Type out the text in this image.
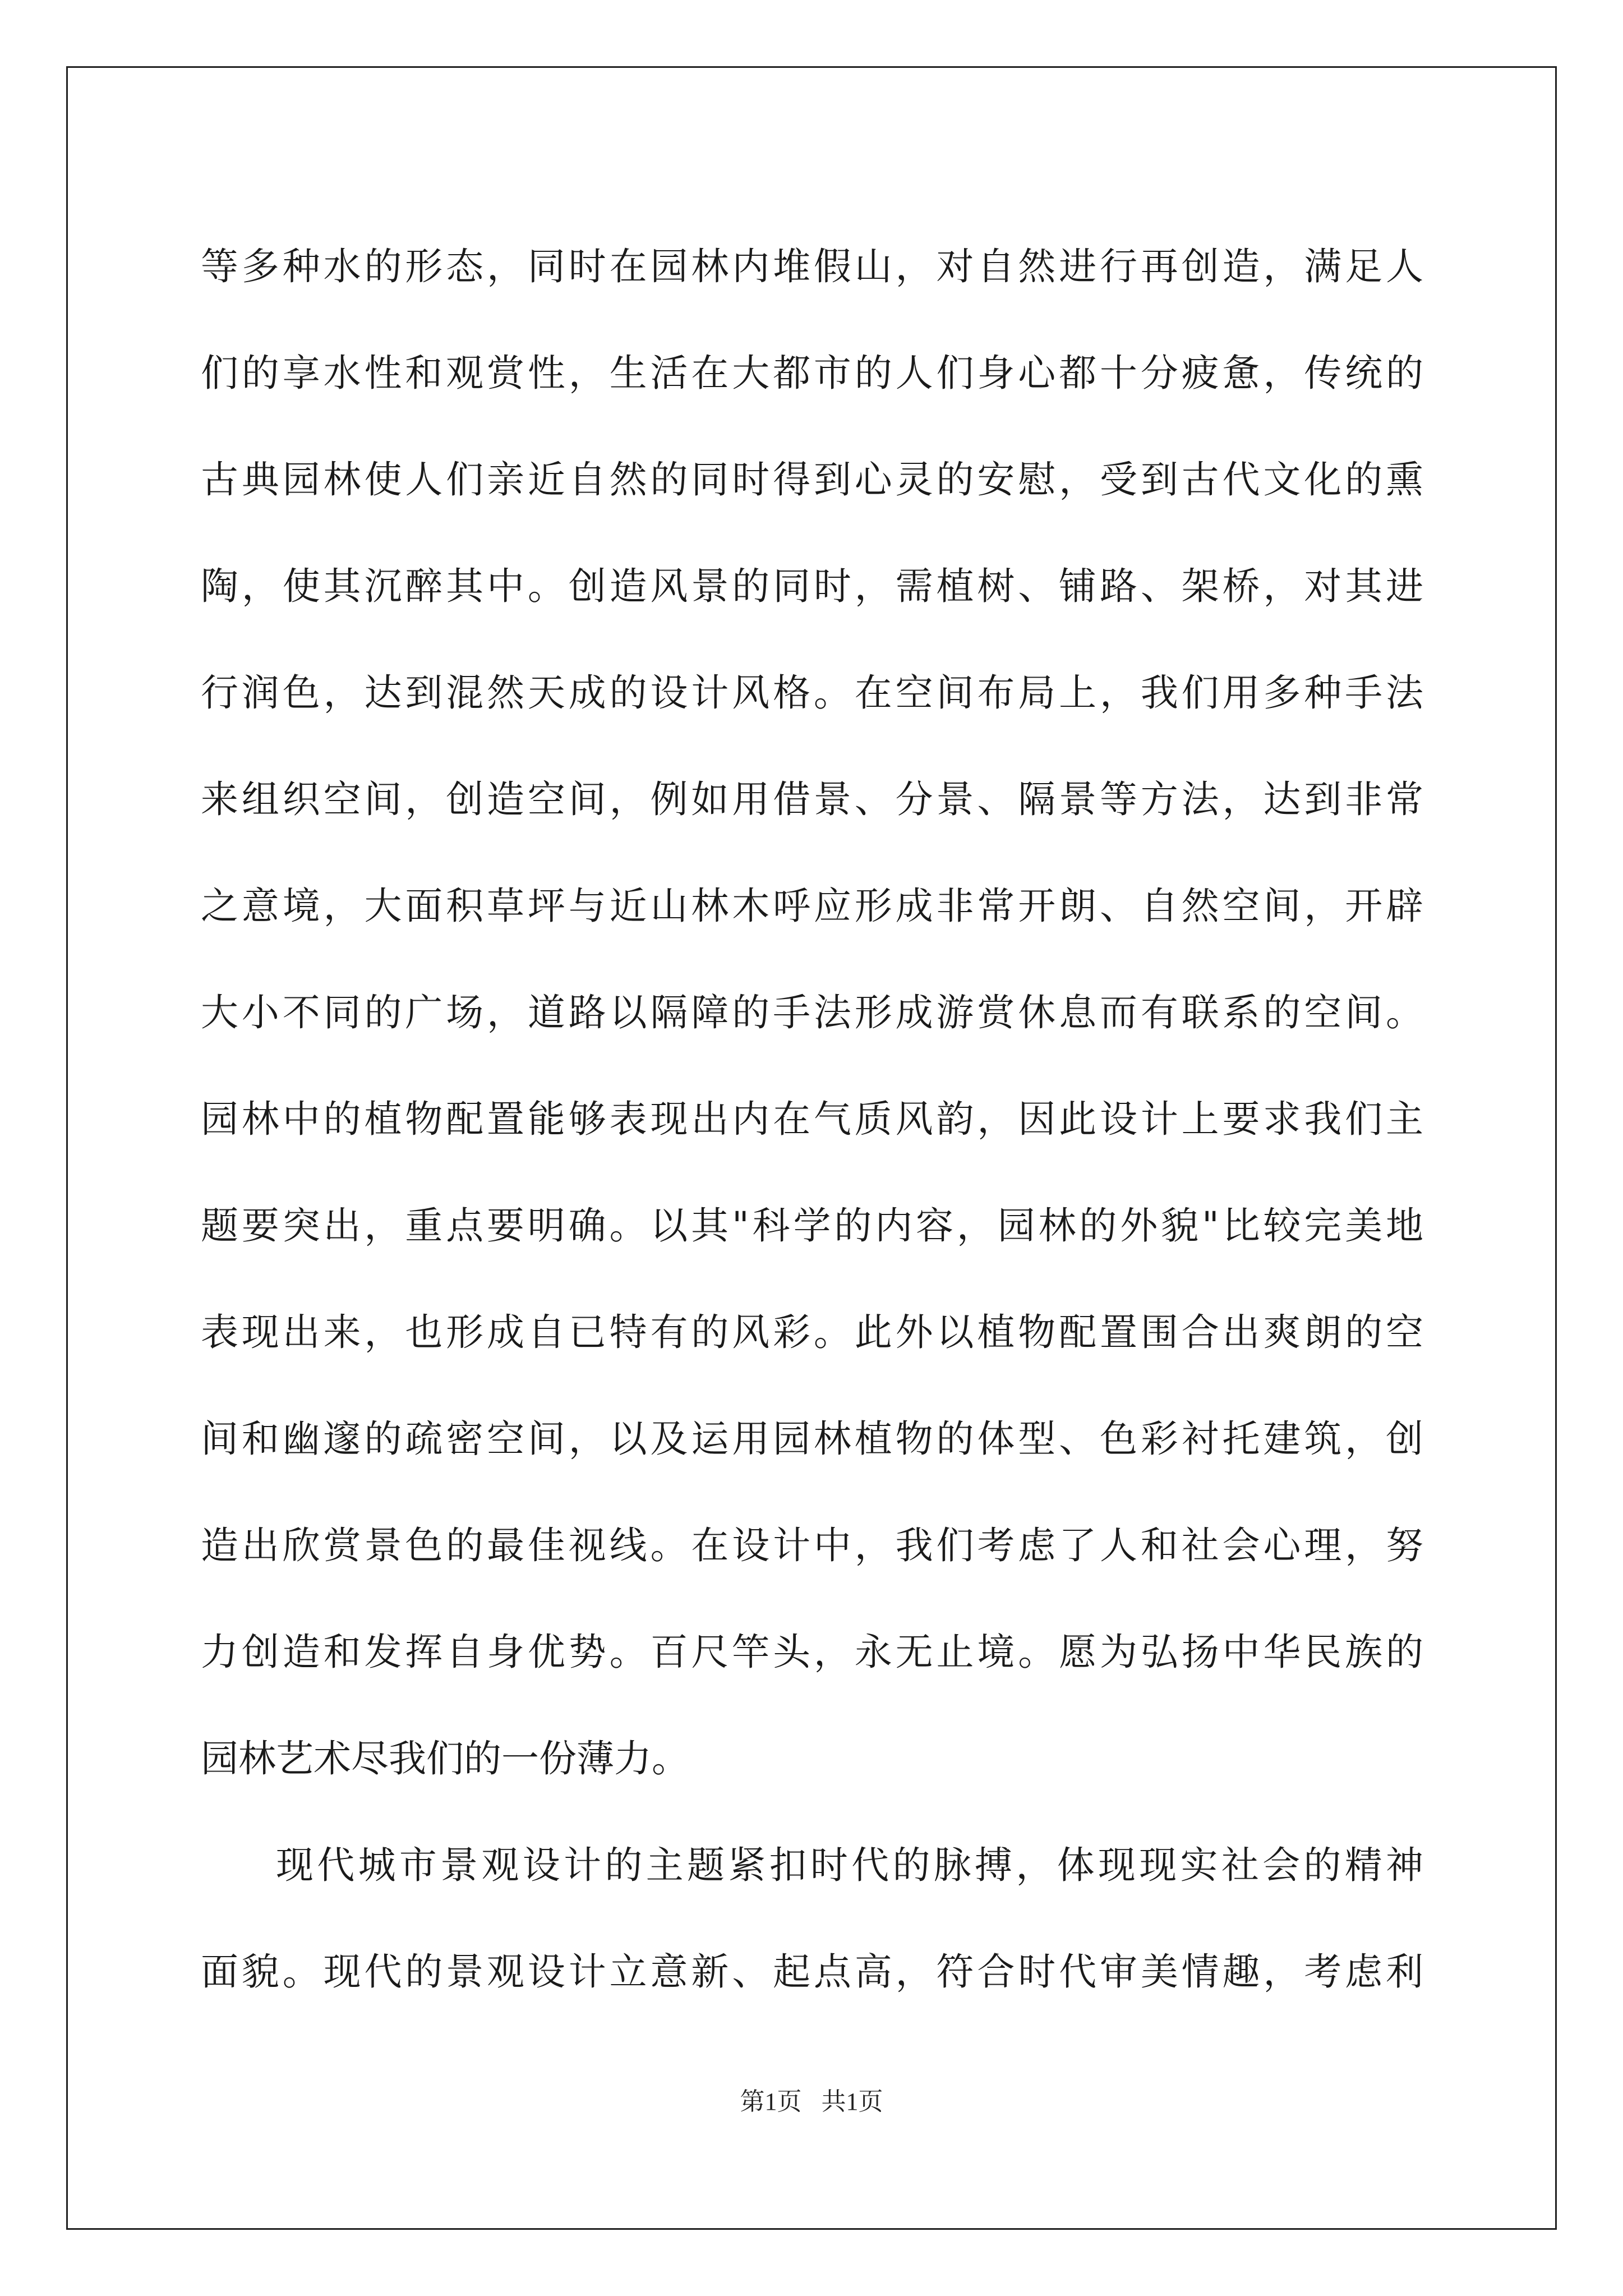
等多种水的形态，同时在园林内堆假山，对自然进行再创造，满足人
们的享水性和观赏性，生活在大都市的人们身心都十分疲惫，传统的
古典园林使人们亲近自然的同时得到心灵的安慰，受到古代文化的熏
陶，使其沉醉其中。创造风景的同时，需植树、铺路、架桥，对其进
行润色，达到混然天成的设计风格。在空间布局上，我们用多种手法
来组织空间，创造空间，例如用借景、分景、隔景等方法，达到非常
之意境，大面积草坪与近山林木呼应形成非常开朗、自然空间，开辟
大小不同的广场，道路以隔障的手法形成游赏休息而有联系的空间。
园林中的植物配置能够表现出内在气质风韵，因此设计上要求我们主
题要突出，重点要明确。以其"科学的内容，园林的外貌"比较完美地
表现出来，也形成自已特有的风彩。此外以植物配置围合出爽朗的空
间和幽邃的疏密空间，以及运用园林植物的体型、色彩衬托建筑，创
造出欣赏景色的最佳视线。在设计中，我们考虑了人和社会心理，努
力创造和发挥自身优势。百尺竿头，永无止境。愿为弘扬中华民族的
园林艺术尽我们的一份薄力。
现代城市景观设计的主题紧扣时代的脉搏，体现现实社会的精神
面貌。现代的景观设计立意新、起点高，符合时代审美情趣，考虑利
第1页 共1页
